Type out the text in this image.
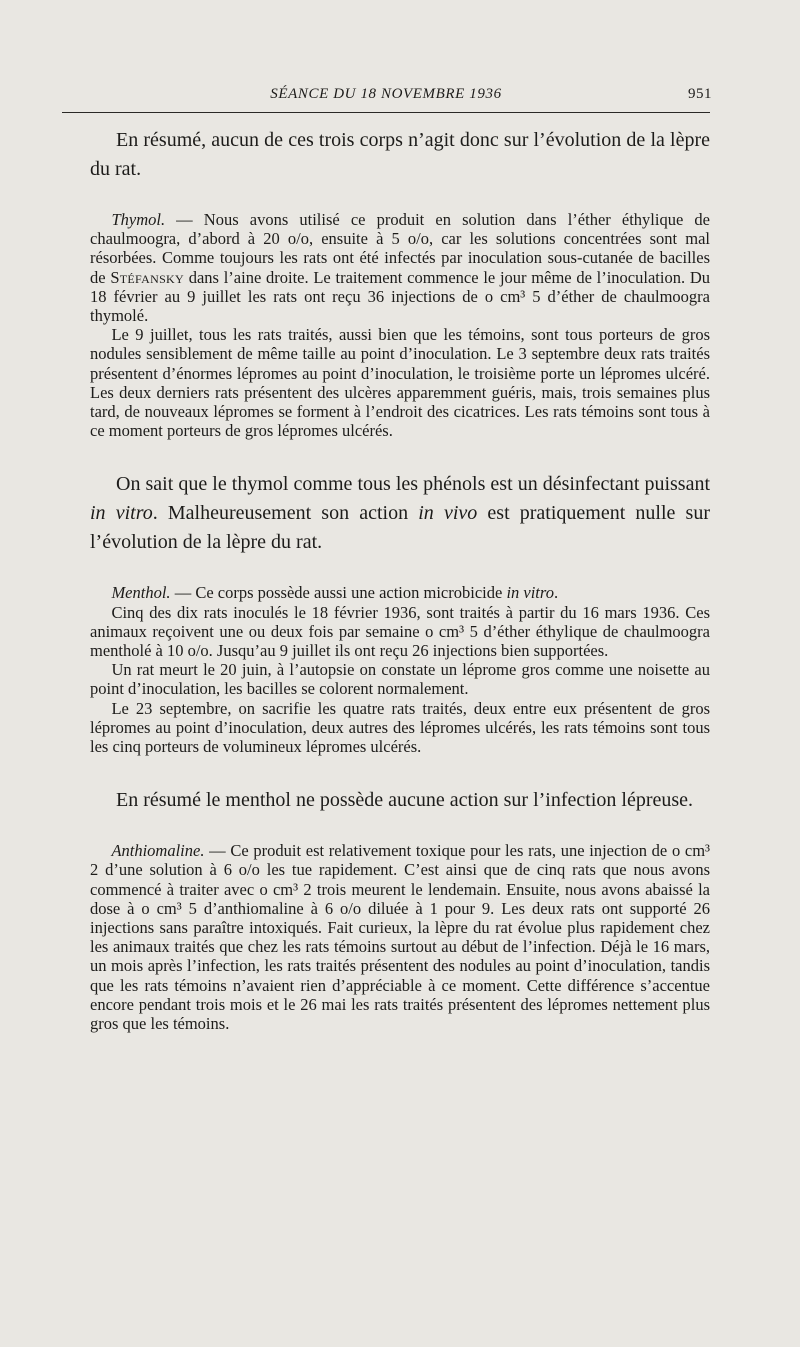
SÉANCE DU 18 NOVEMBRE 1936	951

En résumé, aucun de ces trois corps n’agit donc sur l’évolution de la lèpre du rat.

Thymol. — Nous avons utilisé ce produit en solution dans l’éther éthylique de chaulmoogra, d’abord à 20 o/o, ensuite à 5 o/o, car les solutions concentrées sont mal résorbées. Comme toujours les rats ont été infectés par inoculation sous-cutanée de bacilles de Stéfansky dans l’aine droite. Le traitement commence le jour même de l’inoculation. Du 18 février au 9 juillet les rats ont reçu 36 injections de o cm³ 5 d’éther de chaulmoogra thymolé.

Le 9 juillet, tous les rats traités, aussi bien que les témoins, sont tous porteurs de gros nodules sensiblement de même taille au point d’inoculation. Le 3 septembre deux rats traités présentent d’énormes lépromes au point d’inoculation, le troisième porte un lépromes ulcéré. Les deux derniers rats présentent des ulcères apparemment guéris, mais, trois semaines plus tard, de nouveaux lépromes se forment à l’endroit des cicatrices. Les rats témoins sont tous à ce moment porteurs de gros lépromes ulcérés.

On sait que le thymol comme tous les phénols est un désinfectant puissant in vitro. Malheureusement son action in vivo est pratiquement nulle sur l’évolution de la lèpre du rat.

Menthol. — Ce corps possède aussi une action microbicide in vitro.

Cinq des dix rats inoculés le 18 février 1936, sont traités à partir du 16 mars 1936. Ces animaux reçoivent une ou deux fois par semaine o cm³ 5 d’éther éthylique de chaulmoogra mentholé à 10 o/o. Jusqu’au 9 juillet ils ont reçu 26 injections bien supportées.

Un rat meurt le 20 juin, à l’autopsie on constate un léprome gros comme une noisette au point d’inoculation, les bacilles se colorent normalement.

Le 23 septembre, on sacrifie les quatre rats traités, deux entre eux présentent de gros lépromes au point d’inoculation, deux autres des lépromes ulcérés, les rats témoins sont tous les cinq porteurs de volumineux lépromes ulcérés.

En résumé le menthol ne possède aucune action sur l’infection lépreuse.

Anthiomaline. — Ce produit est relativement toxique pour les rats, une injection de o cm³ 2 d’une solution à 6 o/o les tue rapidement. C’est ainsi que de cinq rats que nous avons commencé à traiter avec o cm³ 2 trois meurent le lendemain. Ensuite, nous avons abaissé la dose à o cm³ 5 d’anthiomaline à 6 o/o diluée à 1 pour 9. Les deux rats ont supporté 26 injections sans paraître intoxiqués. Fait curieux, la lèpre du rat évolue plus rapidement chez les animaux traités que chez les rats témoins surtout au début de l’infection. Déjà le 16 mars, un mois après l’infection, les rats traités présentent des nodules au point d’inoculation, tandis que les rats témoins n’avaient rien d’appréciable à ce moment. Cette différence s’accentue encore pendant trois mois et le 26 mai les rats traités présentent des lépromes nettement plus gros que les témoins.
